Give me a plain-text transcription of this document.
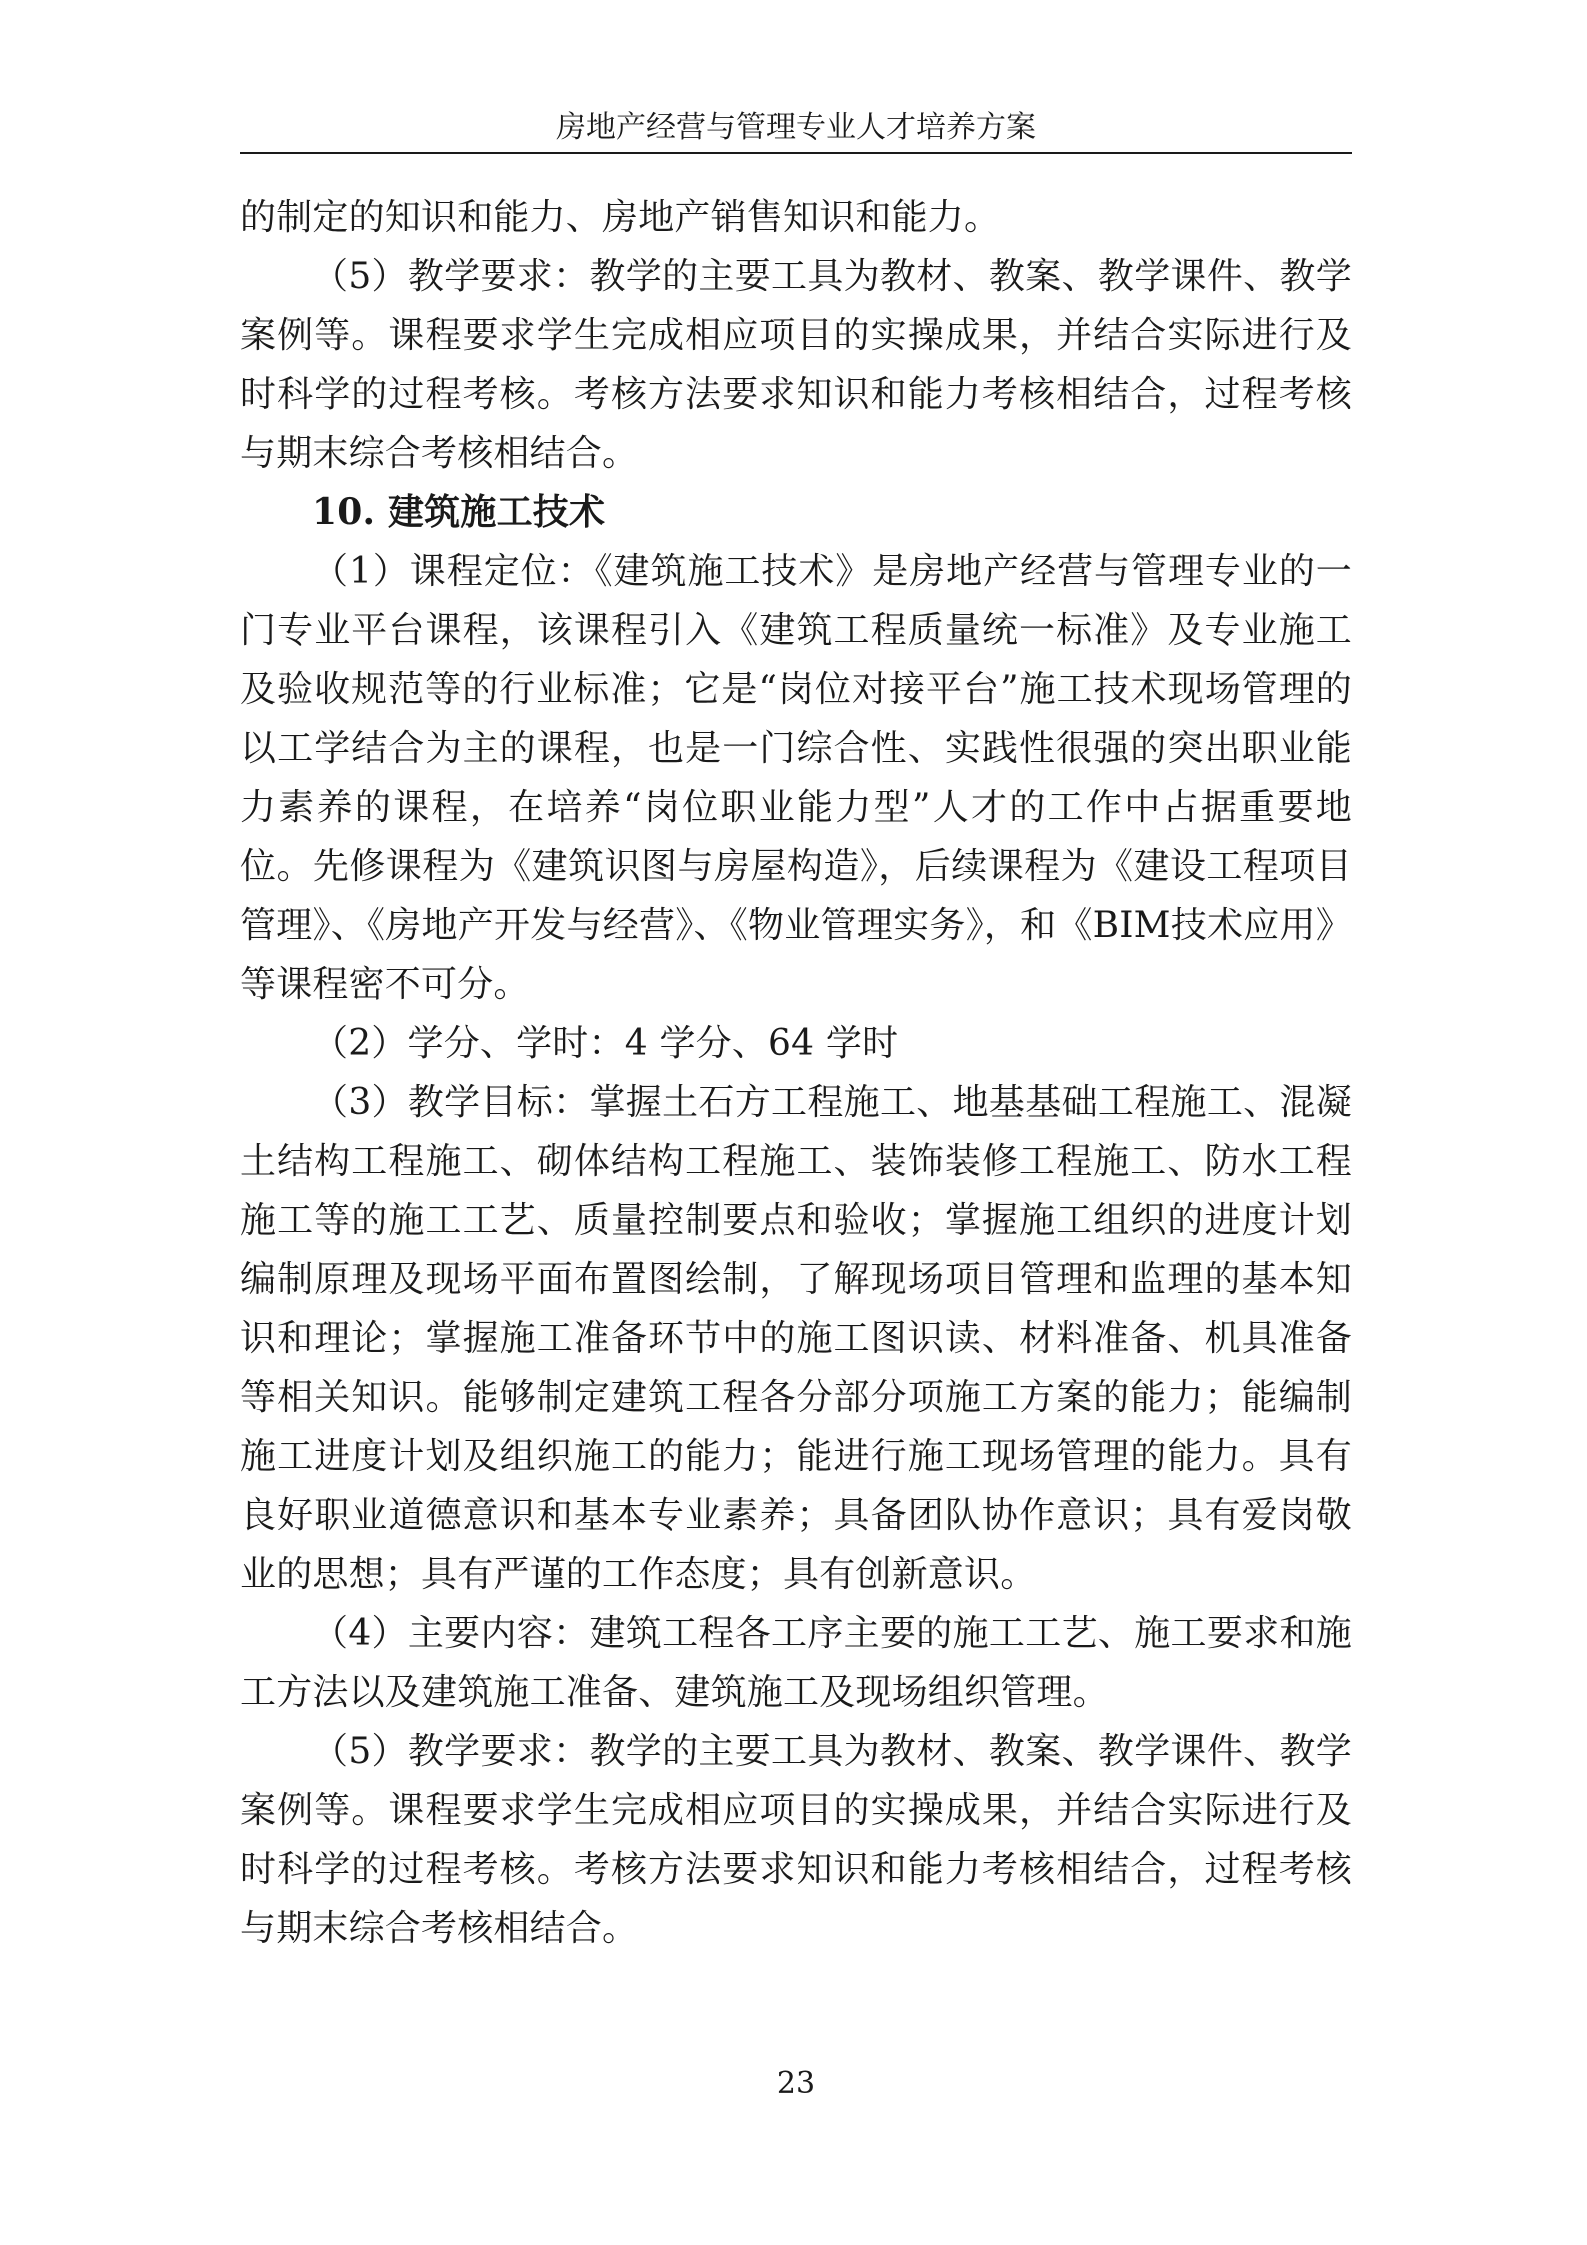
房地产经营与管理专业人才培养方案

的制定的知识和能力、房地产销售知识和能力。

（5）教学要求：教学的主要工具为教材、教案、教学课件、教学案例等。课程要求学生完成相应项目的实操成果，并结合实际进行及时科学的过程考核。考核方法要求知识和能力考核相结合，过程考核与期末综合考核相结合。

10. 建筑施工技术

（1）课程定位：《建筑施工技术》是房地产经营与管理专业的一门专业平台课程，该课程引入《建筑工程质量统一标准》及专业施工及验收规范等的行业标准；它是“岗位对接平台”施工技术现场管理的以工学结合为主的课程，也是一门综合性、实践性很强的突出职业能力素养的课程，在培养“岗位职业能力型”人才的工作中占据重要地位。先修课程为《建筑识图与房屋构造》，后续课程为《建设工程项目管理》、《房地产开发与经营》、《物业管理实务》，和《BIM技术应用》等课程密不可分。

（2）学分、学时：4 学分、64 学时

（3）教学目标：掌握土石方工程施工、地基基础工程施工、混凝土结构工程施工、砌体结构工程施工、装饰装修工程施工、防水工程施工等的施工工艺、质量控制要点和验收；掌握施工组织的进度计划编制原理及现场平面布置图绘制，了解现场项目管理和监理的基本知识和理论；掌握施工准备环节中的施工图识读、材料准备、机具准备等相关知识。能够制定建筑工程各分部分项施工方案的能力；能编制施工进度计划及组织施工的能力；能进行施工现场管理的能力。具有良好职业道德意识和基本专业素养；具备团队协作意识；具有爱岗敬业的思想；具有严谨的工作态度；具有创新意识。

（4）主要内容：建筑工程各工序主要的施工工艺、施工要求和施工方法以及建筑施工准备、建筑施工及现场组织管理。

（5）教学要求：教学的主要工具为教材、教案、教学课件、教学案例等。课程要求学生完成相应项目的实操成果，并结合实际进行及时科学的过程考核。考核方法要求知识和能力考核相结合，过程考核与期末综合考核相结合。

23
